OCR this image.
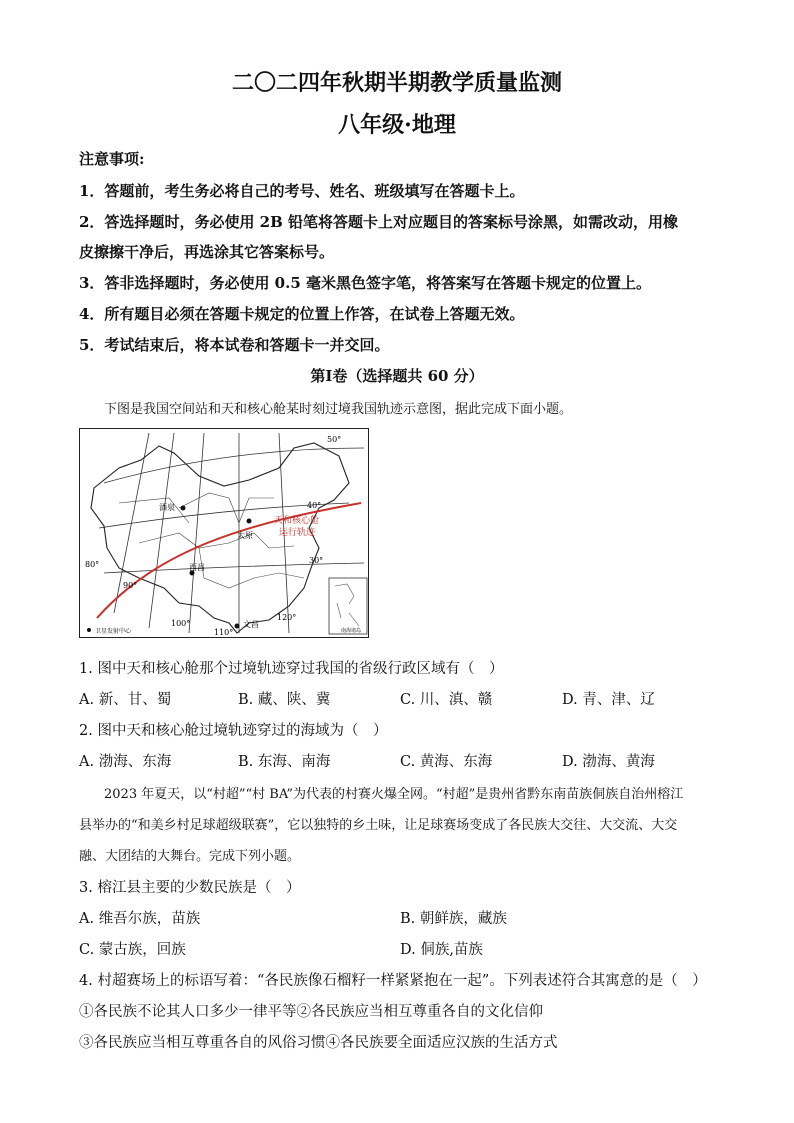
二〇二四年秋期半期教学质量监测
八年级·地理
注意事项:
1．答题前，考生务必将自己的考号、姓名、班级填写在答题卡上。
2．答选择题时，务必使用 2B 铅笔将答题卡上对应题目的答案标号涂黑，如需改动，用橡
皮擦擦干净后，再选涂其它答案标号。
3．答非选择题时，务必使用 0.5 毫米黑色签字笔，将答案写在答题卡规定的位置上。
4．所有题目必须在答题卡规定的位置上作答，在试卷上答题无效。
5．考试结束后，将本试卷和答题卡一并交回。
第Ⅰ卷（选择题共 60 分）
下图是我国空间站和天和核心舱某时刻过境我国轨迹示意图，据此完成下面小题。
天和核心舱
运行轨迹
50°
40°
30°
80°
90°
100°
110°
120°
酒泉
太原
西昌
文昌
卫星发射中心	南海诸岛
1. 图中天和核心舱那个过境轨迹穿过我国的省级行政区域有（　）
A. 新、甘、蜀	B. 藏、陕、冀	C. 川、滇、赣	D. 青、津、辽
2. 图中天和核心舱过境轨迹穿过的海域为（　）
A. 渤海、东海	B. 东海、南海	C. 黄海、东海	D. 渤海、黄海
2023 年夏天，以“村超”“村 BA”为代表的村赛火爆全网。“村超”是贵州省黔东南苗族侗族自治州榕江
县举办的“和美乡村足球超级联赛”，它以独特的乡土味，让足球赛场变成了各民族大交往、大交流、大交
融、大团结的大舞台。完成下列小题。
3. 榕江县主要的少数民族是（　）
A. 维吾尔族，苗族	B. 朝鲜族，藏族
C. 蒙古族，回族	D. 侗族,苗族
4. 村超赛场上的标语写着：“各民族像石榴籽一样紧紧抱在一起”。下列表述符合其寓意的是（　）
①各民族不论其人口多少一律平等②各民族应当相互尊重各自的文化信仰
③各民族应当相互尊重各自的风俗习惯④各民族要全面适应汉族的生活方式
